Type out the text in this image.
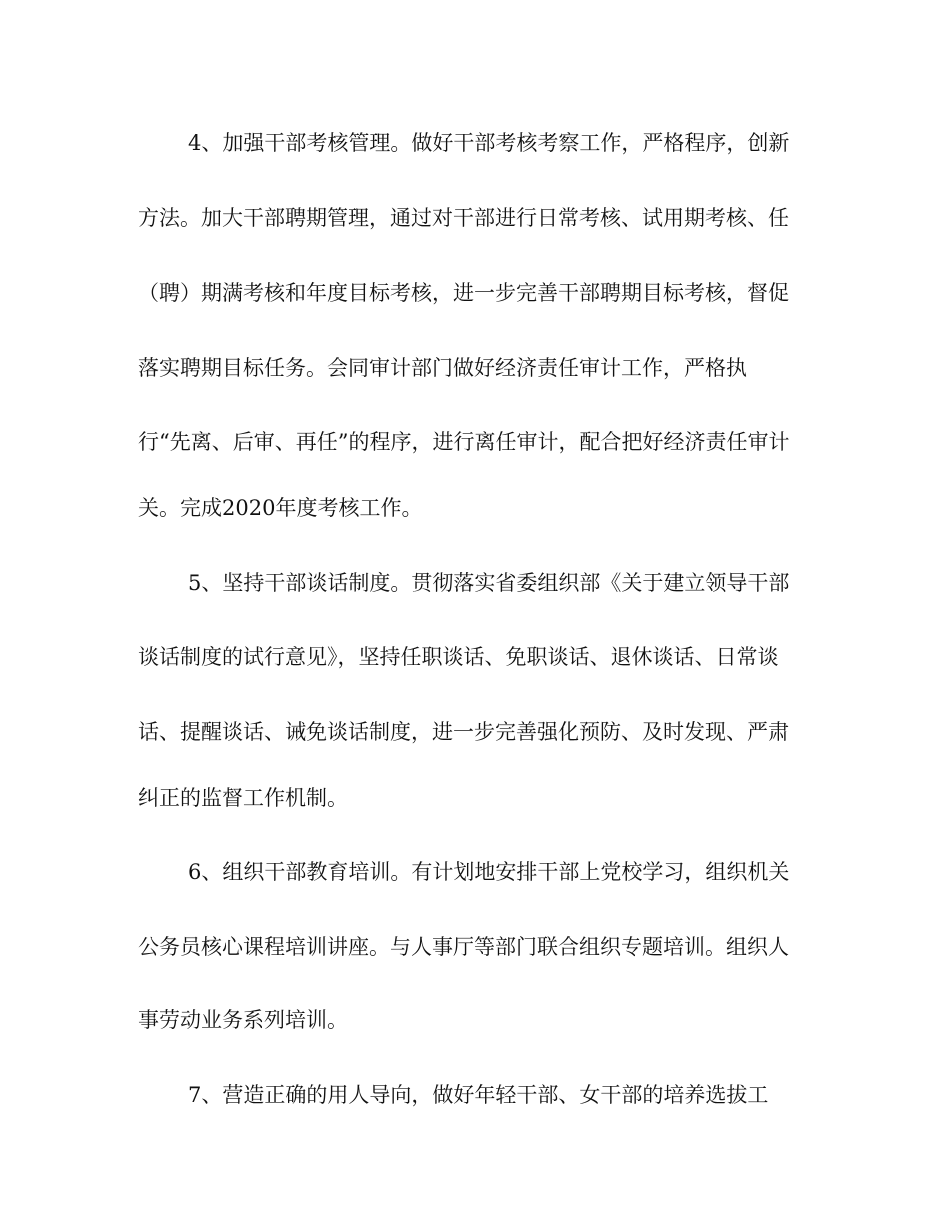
4、加强干部考核管理。做好干部考核考察工作，严格程序，创新
方法。加大干部聘期管理，通过对干部进行日常考核、试用期考核、任
（聘）期满考核和年度目标考核，进一步完善干部聘期目标考核，督促
落实聘期目标任务。会同审计部门做好经济责任审计工作，严格执
行“先离、后审、再任”的程序，进行离任审计，配合把好经济责任审计
关。完成2020年度考核工作。
5、坚持干部谈话制度。贯彻落实省委组织部《关于建立领导干部
谈话制度的试行意见》，坚持任职谈话、免职谈话、退休谈话、日常谈
话、提醒谈话、诫免谈话制度，进一步完善强化预防、及时发现、严肃
纠正的监督工作机制。
6、组织干部教育培训。有计划地安排干部上党校学习，组织机关
公务员核心课程培训讲座。与人事厅等部门联合组织专题培训。组织人
事劳动业务系列培训。
7、营造正确的用人导向，做好年轻干部、女干部的培养选拔工
